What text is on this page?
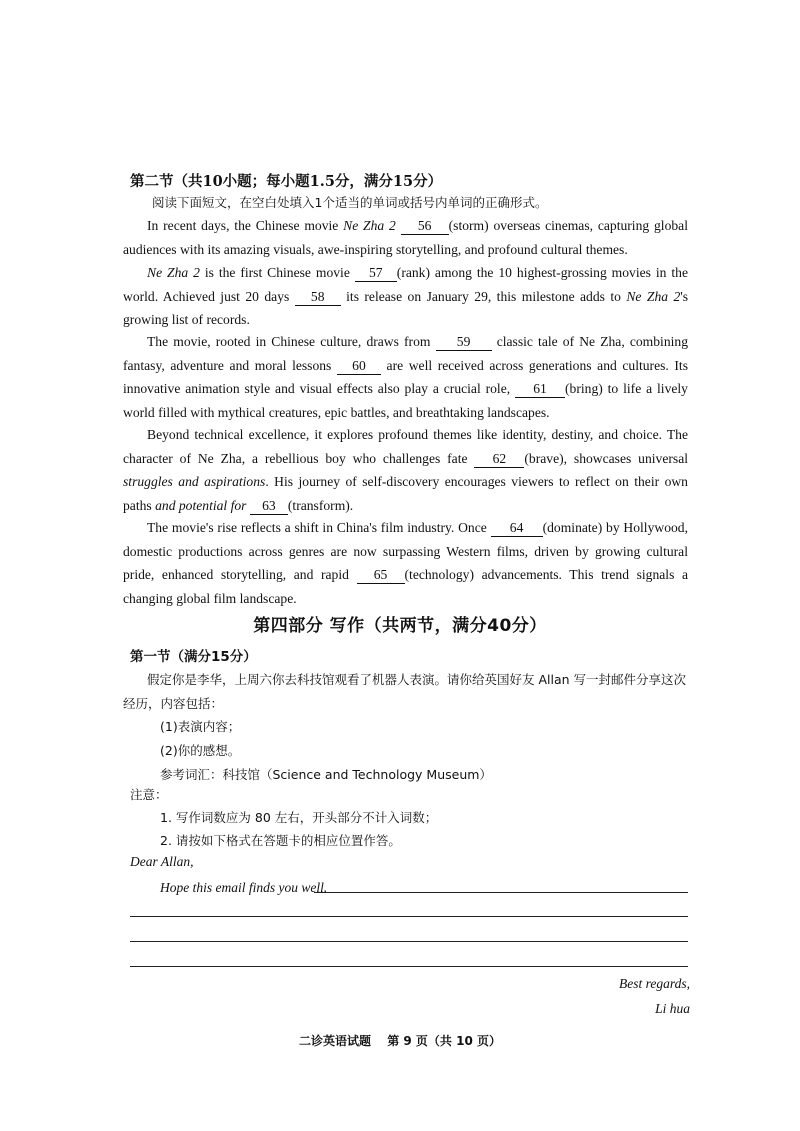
第二节（共10小题；每小题1.5分，满分15分）
阅读下面短文，在空白处填入1个适当的单词或括号内单词的正确形式。
In recent days, the Chinese movie Ne Zha 2 56 (storm) overseas cinemas, capturing global audiences with its amazing visuals, awe-inspiring storytelling, and profound cultural themes.
Ne Zha 2 is the first Chinese movie 57 (rank) among the 10 highest-grossing movies in the world. Achieved just 20 days 58 its release on January 29, this milestone adds to Ne Zha 2's growing list of records.
The movie, rooted in Chinese culture, draws from 59 classic tale of Ne Zha, combining fantasy, adventure and moral lessons 60 are well received across generations and cultures. Its innovative animation style and visual effects also play a crucial role, 61 (bring) to life a lively world filled with mythical creatures, epic battles, and breathtaking landscapes.
Beyond technical excellence, it explores profound themes like identity, destiny, and choice. The character of Ne Zha, a rebellious boy who challenges fate 62 (brave), showcases universal struggles and aspirations. His journey of self-discovery encourages viewers to reflect on their own paths and potential for 63 (transform).
The movie's rise reflects a shift in China's film industry. Once 64 (dominate) by Hollywood, domestic productions across genres are now surpassing Western films, driven by growing cultural pride, enhanced storytelling, and rapid 65 (technology) advancements. This trend signals a changing global film landscape.
第四部分 写作（共两节，满分40分）
第一节（满分15分）
假定你是李华，上周六你去科技馆观看了机器人表演。请你给英国好友 Allan 写一封邮件分享这次经历，内容包括：
(1)表演内容；
(2)你的感想。
参考词汇：科技馆（Science and Technology Museum）
注意：
1. 写作词数应为 80 左右，开头部分不计入词数；
2. 请按如下格式在答题卡的相应位置作答。
Dear Allan,
Hope this email finds you well.
Best regards,
Li hua
二诊英语试题 第 9 页（共 10 页）
